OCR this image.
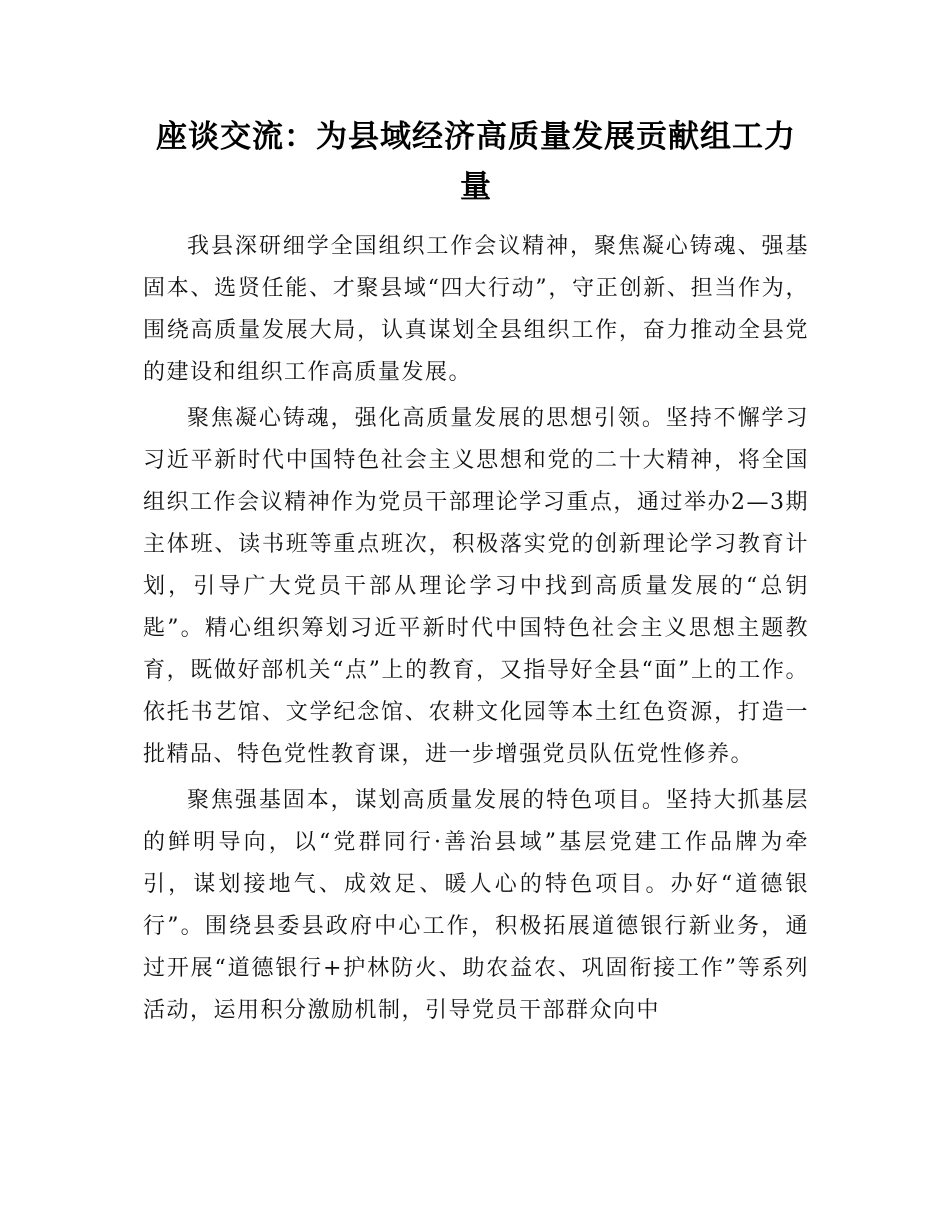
座谈交流：为县域经济高质量发展贡献组工力量

我县深研细学全国组织工作会议精神，聚焦凝心铸魂、强基固本、选贤任能、才聚县域“四大行动”，守正创新、担当作为，围绕高质量发展大局，认真谋划全县组织工作，奋力推动全县党的建设和组织工作高质量发展。

聚焦凝心铸魂，强化高质量发展的思想引领。坚持不懈学习习近平新时代中国特色社会主义思想和党的二十大精神，将全国组织工作会议精神作为党员干部理论学习重点，通过举办2—3期主体班、读书班等重点班次，积极落实党的创新理论学习教育计划，引导广大党员干部从理论学习中找到高质量发展的“总钥匙”。精心组织筹划习近平新时代中国特色社会主义思想主题教育，既做好部机关“点”上的教育，又指导好全县“面”上的工作。依托书艺馆、文学纪念馆、农耕文化园等本土红色资源，打造一批精品、特色党性教育课，进一步增强党员队伍党性修养。

聚焦强基固本，谋划高质量发展的特色项目。坚持大抓基层的鲜明导向，以“党群同行·善治县域”基层党建工作品牌为牵引，谋划接地气、成效足、暖人心的特色项目。办好“道德银行”。围绕县委县政府中心工作，积极拓展道德银行新业务，通过开展“道德银行+护林防火、助农益农、巩固衔接工作”等系列活动，运用积分激励机制，引导党员干部群众向中
